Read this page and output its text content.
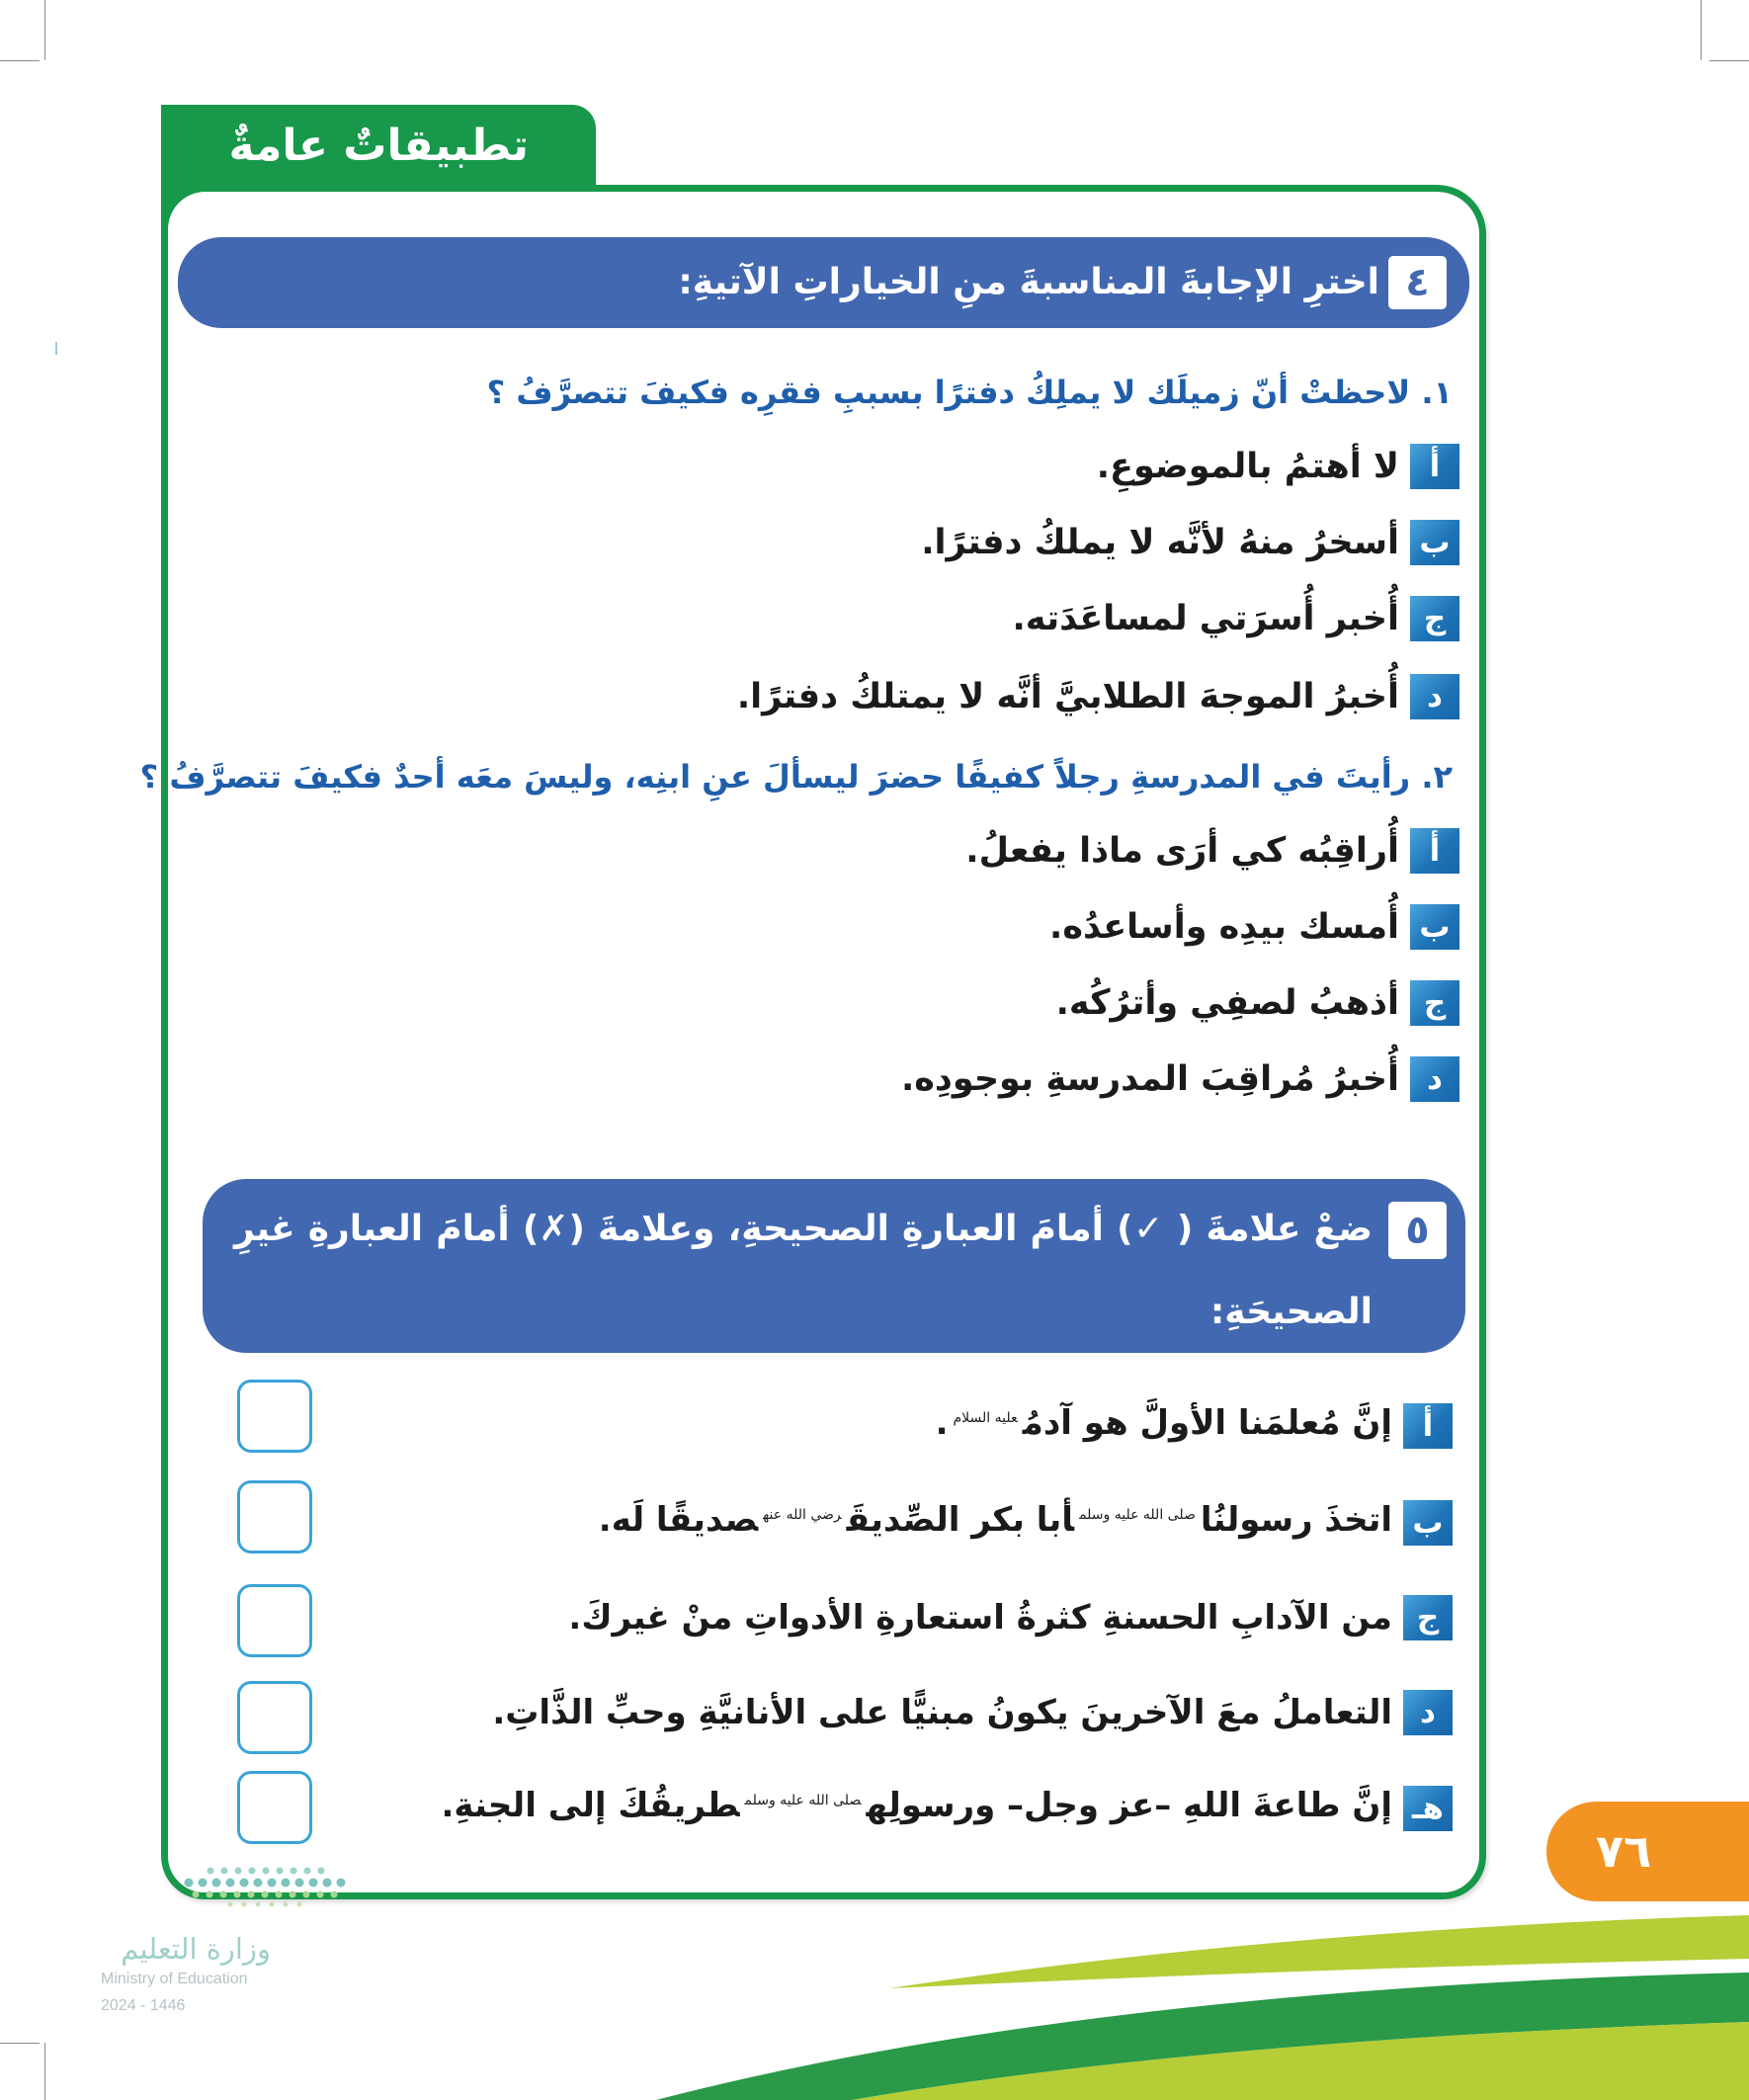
تطبيقاتٌ عامةٌ
٤
اخترِ الإجابةَ المناسبةَ منِ الخياراتِ الآتيةِ:
١. لاحظتْ أنّ زميلَك لا يملِكُ دفترًا بسببِ فقرِه فكيفَ تتصرَّفُ ؟
أ
لا أهتمُ بالموضوعِ.
ب
أسخرُ منهُ لأنَّه لا يملكُ دفترًا.
ج
أُخبر أُسرَتي لمساعَدَته.
د
أُخبرُ الموجهَ الطلابيَّ أنَّه لا يمتلكُ دفترًا.
٢. رأيتَ في المدرسةِ رجلاً كفيفًا حضرَ ليسألَ عنِ ابنِه، وليسَ معَه أحدٌ فكيفَ تتصرَّفُ ؟
أ
أُراقِبُه كي أرَى ماذا يفعلُ.
ب
أُمسك بيدِه وأساعدُه.
ج
أذهبُ لصفِي وأترُكُه.
د
أُخبرُ مُراقِبَ المدرسةِ بوجودِه.
٥
ضعْ علامةَ ( ✓) أمامَ العبارةِ الصحيحةِ، وعلامةَ (✗) أمامَ العبارةِ غيرِ
الصحيحَةِ:
أ
إنَّ مُعلمَنا الأولَّ هو آدمُ$^{عليه السلام}$.
ب
اتخذَ رسولنُا$^{صلى الله عليه وسلم}$أبا بكر الصِّديقَ$^{رضي الله عنه}$صديقًا لَه.
ج
من الآدابِ الحسنةِ كثرةُ استعارةِ الأدواتِ منْ غيركَ.
د
التعاملُ معَ الآخرينَ يكونُ مبنيًّا على الأنانيَّةِ وحبِّ الذَّاتِ.
هـ
إنَّ طاعةَ اللهِ –عز وجل– ورسولِه$^{صلى الله عليه وسلم}$طريقُكَ إلى الجنةِ.
٧٦
وزارة التعليم
Ministry of Education
2024 - 1446
